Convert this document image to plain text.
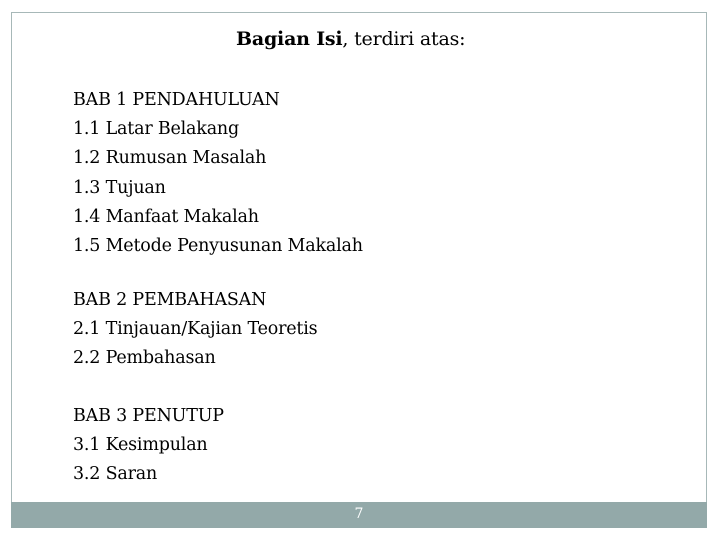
Bagian Isi, terdiri atas:
BAB 1 PENDAHULUAN
1.1 Latar Belakang
1.2 Rumusan Masalah
1.3 Tujuan
1.4 Manfaat Makalah
1.5 Metode Penyusunan Makalah
BAB 2 PEMBAHASAN
2.1 Tinjauan/Kajian Teoretis
2.2 Pembahasan
BAB 3 PENUTUP
3.1 Kesimpulan
3.2 Saran
7
